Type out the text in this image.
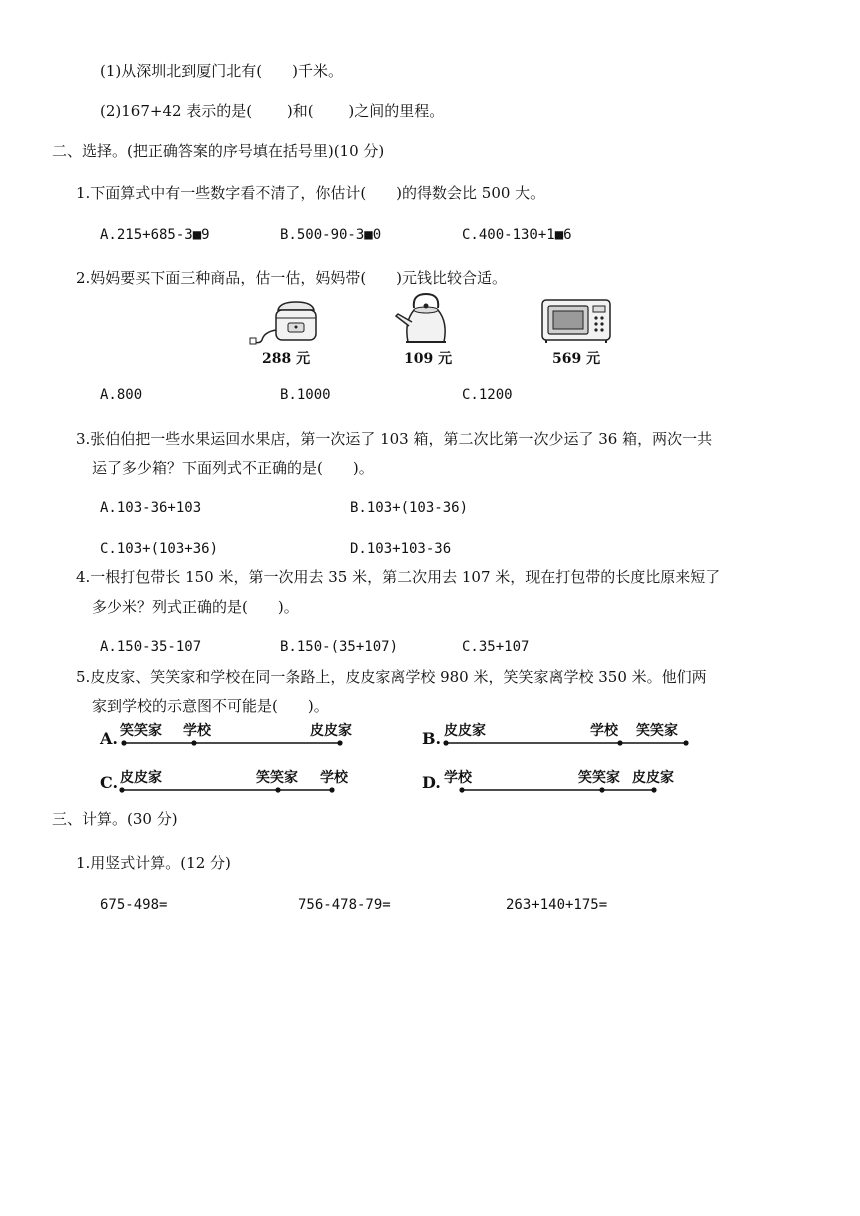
(1)从深圳北到厦门北有(　　)千米。
(2)167+42 表示的是(　　 )和(　　 )之间的里程。
二、选择。(把正确答案的序号填在括号里)(10 分)
1.下面算式中有一些数字看不清了，你估计(　　)的得数会比 500 大。
A.215+685-3■9	B.500-90-3■0	C.400-130+1■6
2.妈妈要买下面三种商品，估一估，妈妈带(　　)元钱比较合适。
288 元	109 元	569 元
A.800	B.1000	C.1200
3.张伯伯把一些水果运回水果店，第一次运了 103 箱，第二次比第一次少运了 36 箱，两次一共
运了多少箱？下面列式不正确的是(　　)。
A.103-36+103	B.103+(103-36)
C.103+(103+36)	D.103+103-36
4.一根打包带长 150 米，第一次用去 35 米，第二次用去 107 米，现在打包带的长度比原来短了
多少米？列式正确的是(　　)。
A.150-35-107	B.150-(35+107)	C.35+107
5.皮皮家、笑笑家和学校在同一条路上，皮皮家离学校 980 米，笑笑家离学校 350 米。他们两
家到学校的示意图不可能是(　　)。
A. 笑笑家 学校	皮皮家	B. 皮皮家	学校 笑笑家
C. 皮皮家	笑笑家 学校	D. 学校	笑笑家 皮皮家
三、计算。(30 分)
1.用竖式计算。(12 分)
675-498=	756-478-79=	263+140+175=
